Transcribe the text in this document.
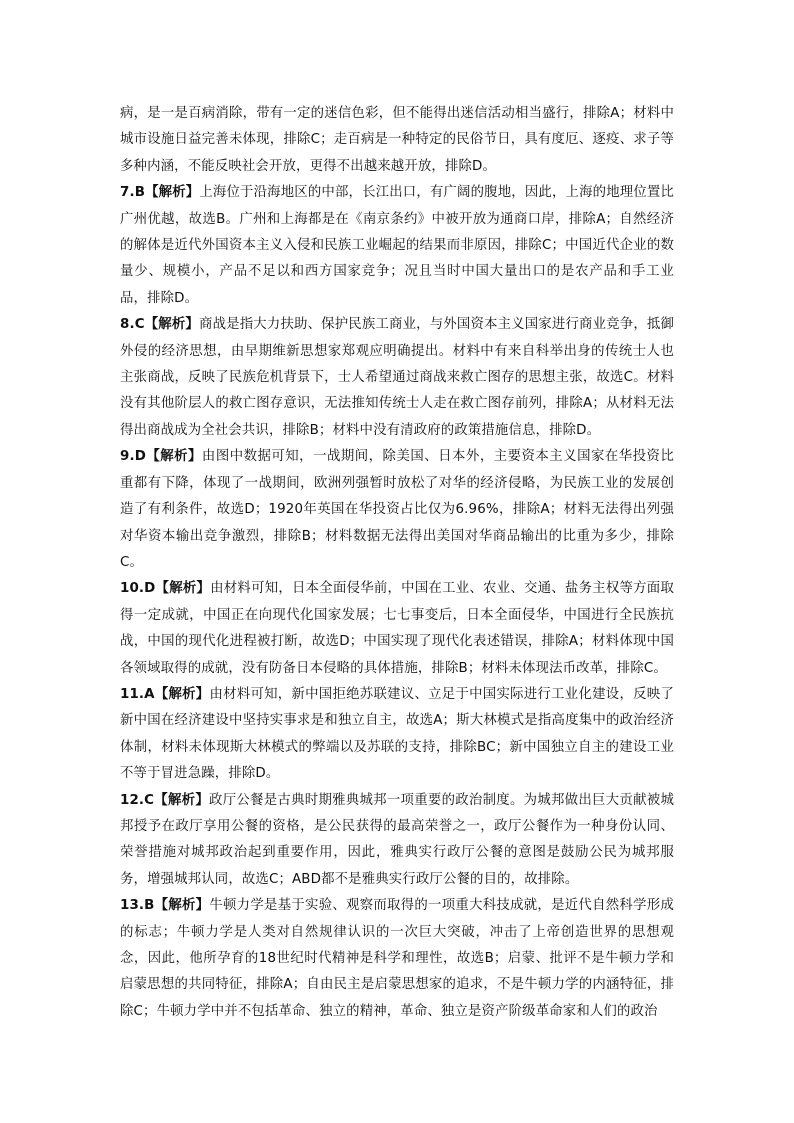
病，是一是百病消除，带有一定的迷信色彩，但不能得出迷信活动相当盛行，排除A；材料中城市设施日益完善未体现，排除C；走百病是一种特定的民俗节日，具有度厄、逐疫、求子等多种内涵，不能反映社会开放，更得不出越来越开放，排除D。

7.B【解析】上海位于沿海地区的中部，长江出口，有广阔的腹地，因此，上海的地理位置比广州优越，故选B。广州和上海都是在《南京条约》中被开放为通商口岸，排除A；自然经济的解体是近代外国资本主义入侵和民族工业崛起的结果而非原因，排除C；中国近代企业的数量少、规模小，产品不足以和西方国家竞争；况且当时中国大量出口的是农产品和手工业品，排除D。

8.C【解析】商战是指大力扶助、保护民族工商业，与外国资本主义国家进行商业竞争，抵御外侵的经济思想，由早期维新思想家郑观应明确提出。材料中有来自科举出身的传统士人也主张商战，反映了民族危机背景下，士人希望通过商战来救亡图存的思想主张，故选C。材料没有其他阶层人的救亡图存意识，无法推知传统士人走在救亡图存前列，排除A；从材料无法得出商战成为全社会共识，排除B；材料中没有清政府的政策措施信息，排除D。

9.D【解析】由图中数据可知，一战期间，除美国、日本外，主要资本主义国家在华投资比重都有下降，体现了一战期间，欧洲列强暂时放松了对华的经济侵略，为民族工业的发展创造了有利条件，故选D；1920年英国在华投资占比仅为6.96%，排除A；材料无法得出列强对华资本输出竞争激烈，排除B；材料数据无法得出美国对华商品输出的比重为多少，排除C。

10.D【解析】由材料可知，日本全面侵华前，中国在工业、农业、交通、盐务主权等方面取得一定成就，中国正在向现代化国家发展；七七事变后，日本全面侵华，中国进行全民族抗战，中国的现代化进程被打断，故选D；中国实现了现代化表述错误，排除A；材料体现中国各领域取得的成就，没有防备日本侵略的具体措施，排除B；材料未体现法币改革，排除C。

11.A【解析】由材料可知，新中国拒绝苏联建议、立足于中国实际进行工业化建设，反映了新中国在经济建设中坚持实事求是和独立自主，故选A；斯大林模式是指高度集中的政治经济体制，材料未体现斯大林模式的弊端以及苏联的支持，排除BC；新中国独立自主的建设工业不等于冒进急躁，排除D。

12.C【解析】政厅公餐是古典时期雅典城邦一项重要的政治制度。为城邦做出巨大贡献被城邦授予在政厅享用公餐的资格，是公民获得的最高荣誉之一，政厅公餐作为一种身份认同、荣誉措施对城邦政治起到重要作用，因此，雅典实行政厅公餐的意图是鼓励公民为城邦服务，增强城邦认同，故选C；ABD都不是雅典实行政厅公餐的目的，故排除。

13.B【解析】牛顿力学是基于实验、观察而取得的一项重大科技成就，是近代自然科学形成的标志；牛顿力学是人类对自然规律认识的一次巨大突破，冲击了上帝创造世界的思想观念，因此，他所孕育的18世纪时代精神是科学和理性，故选B；启蒙、批评不是牛顿力学和启蒙思想的共同特征，排除A；自由民主是启蒙思想家的追求，不是牛顿力学的内涵特征，排除C；牛顿力学中并不包括革命、独立的精神，革命、独立是资产阶级革命家和人们的政治
